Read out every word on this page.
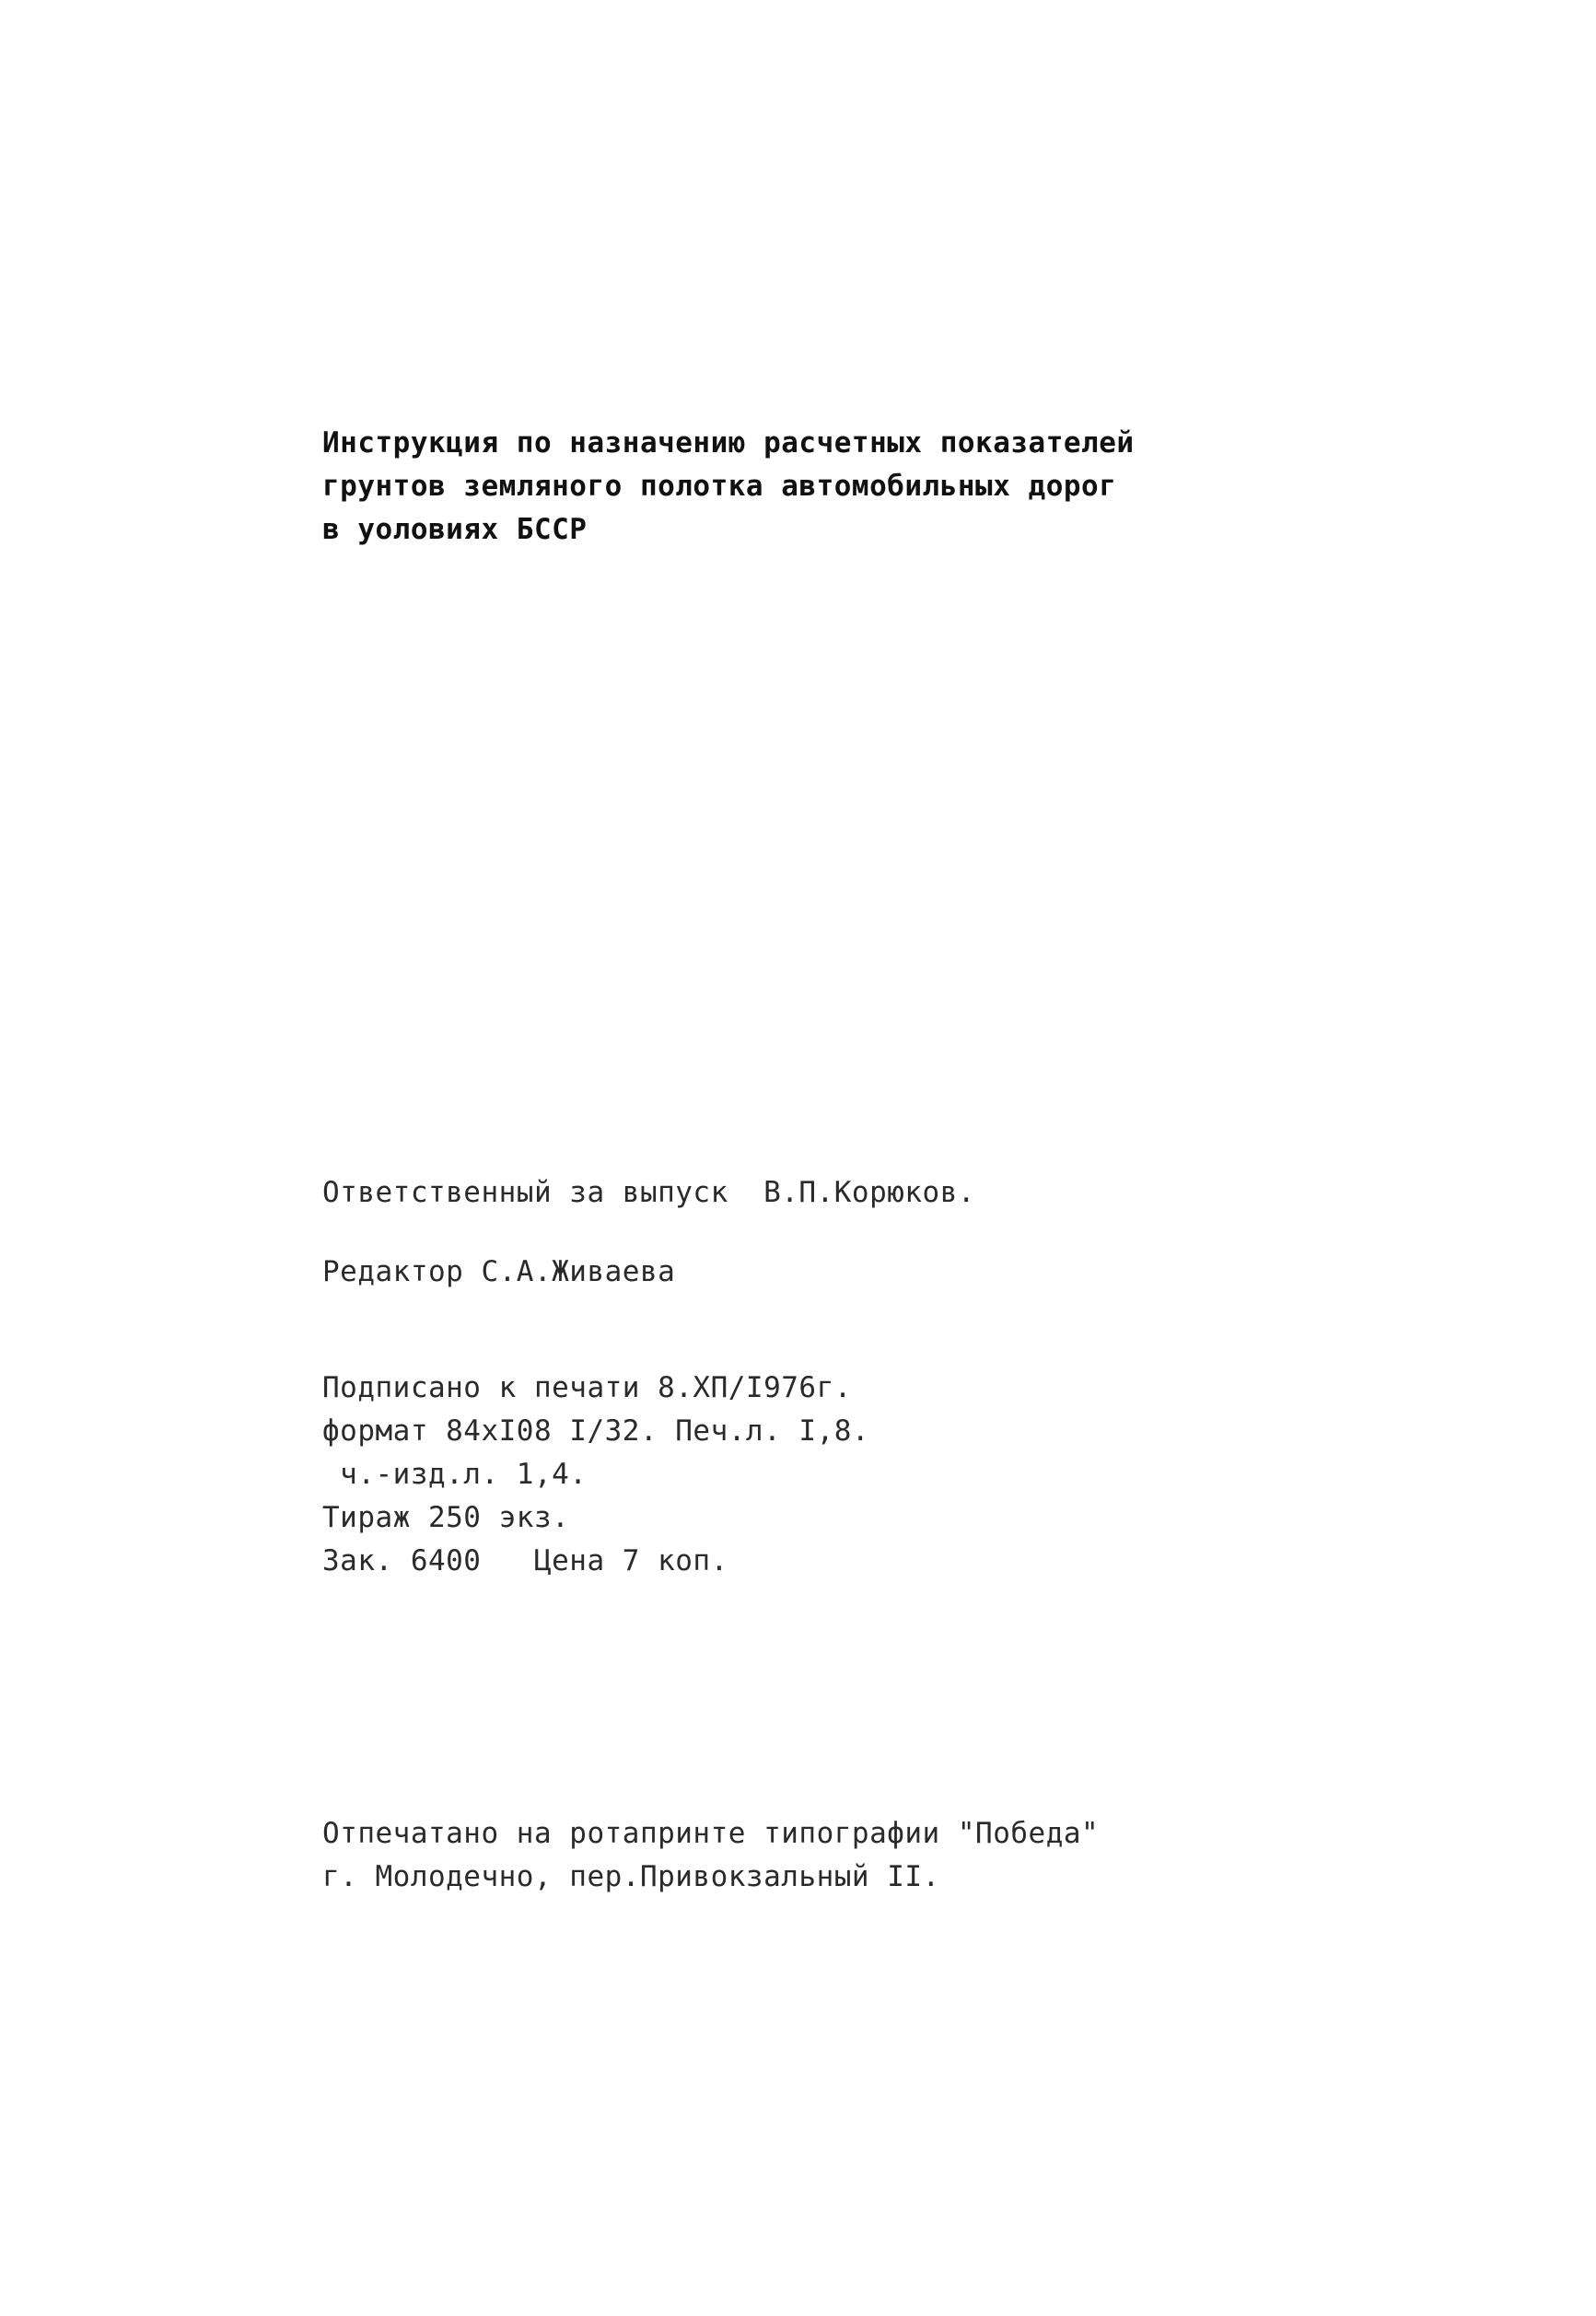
Инструкция по назначению расчетных показателей
грунтов земляного полотка автомобильных дорог
в уоловиях БССР
Ответственный за выпуск  В.П.Корюков.
Редактор С.А.Живаева
Подписано к печати 8.ХП/I976г.
формат 84хI08 I/32. Печ.л. I,8.
ч.-изд.л. 1,4.
Тираж 250 экз.
Зак. 6400   Цена 7 коп.
Отпечатано на ротапринте типографии "Победа"
г. Молодечно, пер.Привокзальный II.
